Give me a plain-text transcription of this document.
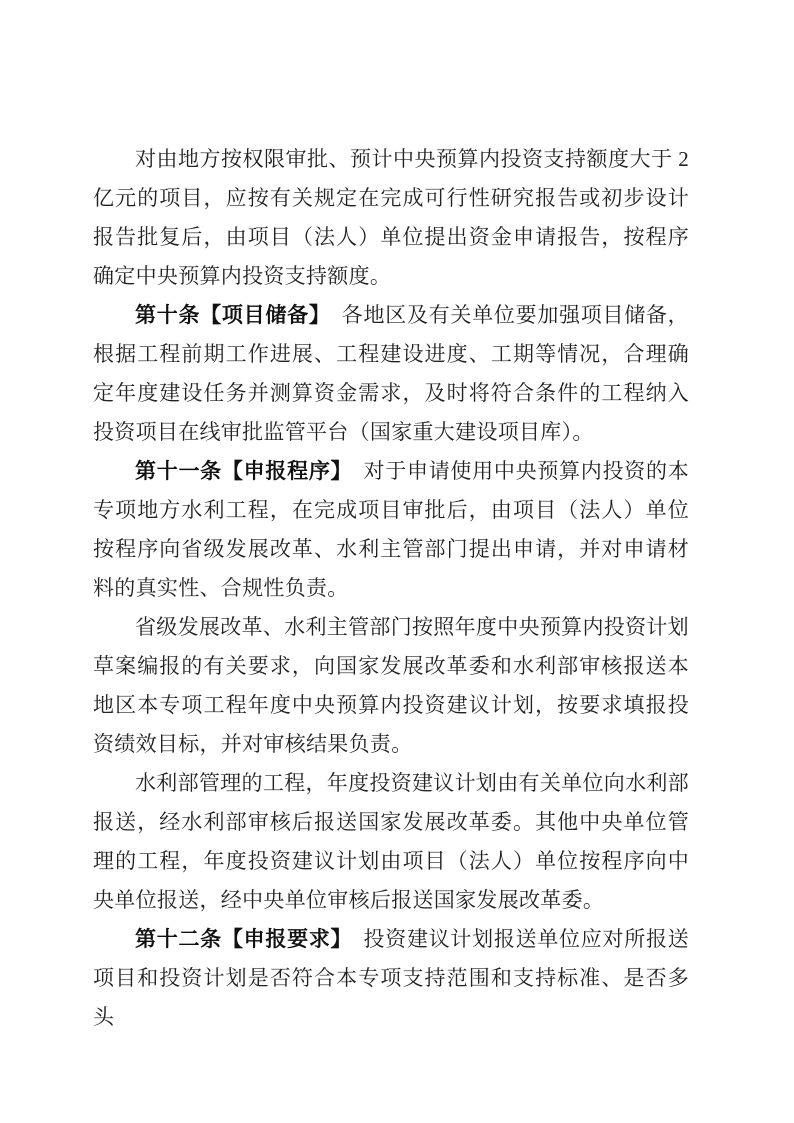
对由地方按权限审批、预计中央预算内投资支持额度大于 2 亿元的项目，应按有关规定在完成可行性研究报告或初步设计报告批复后，由项目（法人）单位提出资金申请报告，按程序确定中央预算内投资支持额度。

第十条【项目储备】 各地区及有关单位要加强项目储备，根据工程前期工作进展、工程建设进度、工期等情况，合理确定年度建设任务并测算资金需求，及时将符合条件的工程纳入投资项目在线审批监管平台（国家重大建设项目库）。

第十一条【申报程序】 对于申请使用中央预算内投资的本专项地方水利工程，在完成项目审批后，由项目（法人）单位按程序向省级发展改革、水利主管部门提出申请，并对申请材料的真实性、合规性负责。

省级发展改革、水利主管部门按照年度中央预算内投资计划草案编报的有关要求，向国家发展改革委和水利部审核报送本地区本专项工程年度中央预算内投资建议计划，按要求填报投资绩效目标，并对审核结果负责。

水利部管理的工程，年度投资建议计划由有关单位向水利部报送，经水利部审核后报送国家发展改革委。其他中央单位管理的工程，年度投资建议计划由项目（法人）单位按程序向中央单位报送，经中央单位审核后报送国家发展改革委。

第十二条【申报要求】 投资建议计划报送单位应对所报送项目和投资计划是否符合本专项支持范围和支持标准、是否多头
